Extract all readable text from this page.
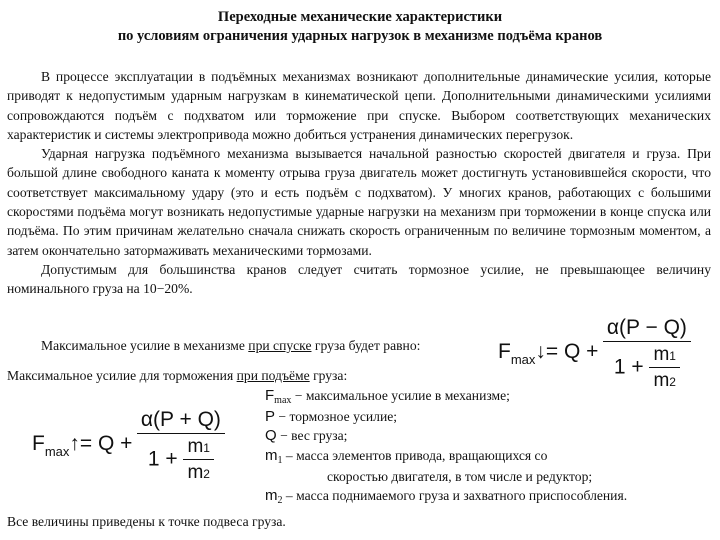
Переходные механические характеристики
по условиям ограничения ударных нагрузок в механизме подъёма кранов

В процессе эксплуатации в подъёмных механизмах возникают дополнительные динамические усилия, которые приводят к недопустимым ударным нагрузкам в кинематической цепи. Дополнительными динамическими усилиями сопровождаются подъём с подхватом или торможение при спуске. Выбором соответствующих механических характеристик и системы электропривода можно добиться устранения динамических перегрузок.

Ударная нагрузка подъёмного механизма вызывается начальной разностью скоростей двигателя и груза. При большой длине свободного каната к моменту отрыва груза двигатель может достигнуть установившейся скорости, что соответствует максимальному удару (это и есть подъём с подхватом). У многих кранов, работающих с большими скоростями подъёма могут возникать недопустимые ударные нагрузки на механизм при торможении в конце спуска или подъёма. По этим причинам желательно сначала снижать скорость ограниченным по величине тормозным моментом, а затем окончательно затормаживать механическими тормозами.

Допустимым для большинства кранов следует считать тормозное усилие, не превышающее величину номинального груза на 10−20%.

Максимальное усилие в механизме при спуске груза будет равно:	$F_{max}↓= Q + \frac{\alpha(P - Q)}{1 + \frac{m1}{m2}}$
Максимальное усилие для торможения при подъёме груза:
$F_{max}↑= Q + \frac{\alpha(P + Q)}{1 + \frac{m1}{m2}}$
$F_{max}$ − максимальное усилие в механизме;
P − тормозное усилие;
Q − вес груза;
$m_1$ – масса элементов привода, вращающихся со
скоростью двигателя, в том числе и редуктор;
$m_2$ – масса поднимаемого груза и захватного приспособления.
Все величины приведены к точке подвеса груза.
